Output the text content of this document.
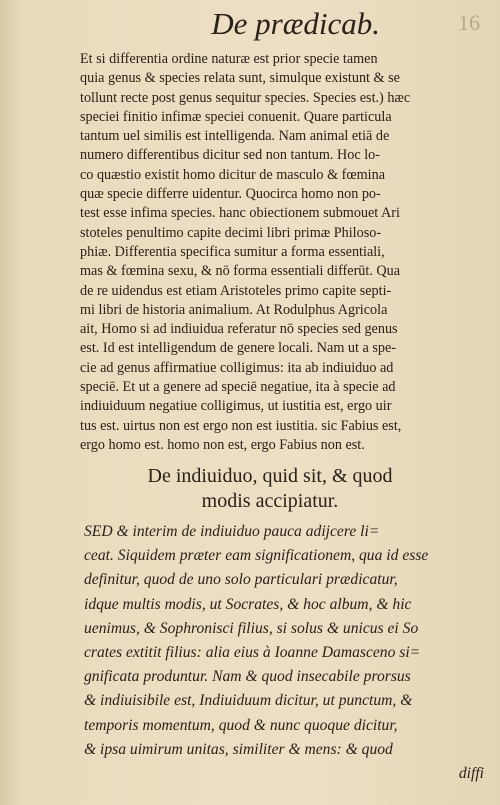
De prædicab.	16
Et si differentia ordine naturæ est prior specie tamen
quia genus & species relata sunt, simulque existunt & se
tollunt recte post genus sequitur species. Species est.) hæc
speciei finitio infimæ speciei conuenit. Quare particula
tantum uel similis est intelligenda. Nam animal etiā de
numero differentibus dicitur sed non tantum. Hoc lo-
co quæstio existit homo dicitur de masculo & fœmina
quæ specie differre uidentur. Quocirca homo non po-
test esse infima species. hanc obiectionem submouet Ari
stoteles penultimo capite decimi libri primæ Philoso-
phiæ. Differentia specifica sumitur a forma essentiali,
mas & fœmina sexu, & nō forma essentiali differūt. Qua
de re uidendus est etiam Aristoteles primo capite septi-
mi libri de historia animalium. At Rodulphus Agricola
ait, Homo si ad indiuidua referatur nō species sed genus
est. Id est intelligendum de genere locali. Nam ut a spe-
cie ad genus affirmatiue colligimus: ita ab indiuiduo ad
speciē. Et ut a genere ad speciē negatiue, ita à specie ad
indiuiduum negatiue colligimus, ut iustitia est, ergo uir
tus est. uirtus non est ergo non est iustitia. sic Fabius est,
ergo homo est. homo non est, ergo Fabius non est.
De indiuiduo, quid sit, & quod
modis accipiatur.
SED & interim de indiuiduo pauca adijcere li=
ceat. Siquidem præter eam significationem, qua id esse
definitur, quod de uno solo particulari prædicatur,
idque multis modis, ut Socrates, & hoc album, & hic
uenimus, & Sophronisci filius, si solus & unicus ei So
crates extitit filius: alia eius à Ioanne Damasceno si=
gnificata produntur. Nam & quod insecabile prorsus
& indiuisibile est, Indiuiduum dicitur, ut punctum, &
temporis momentum, quod & nunc quoque dicitur,
& ipsa uimirum unitas, similiter & mens: & quod
diffi
